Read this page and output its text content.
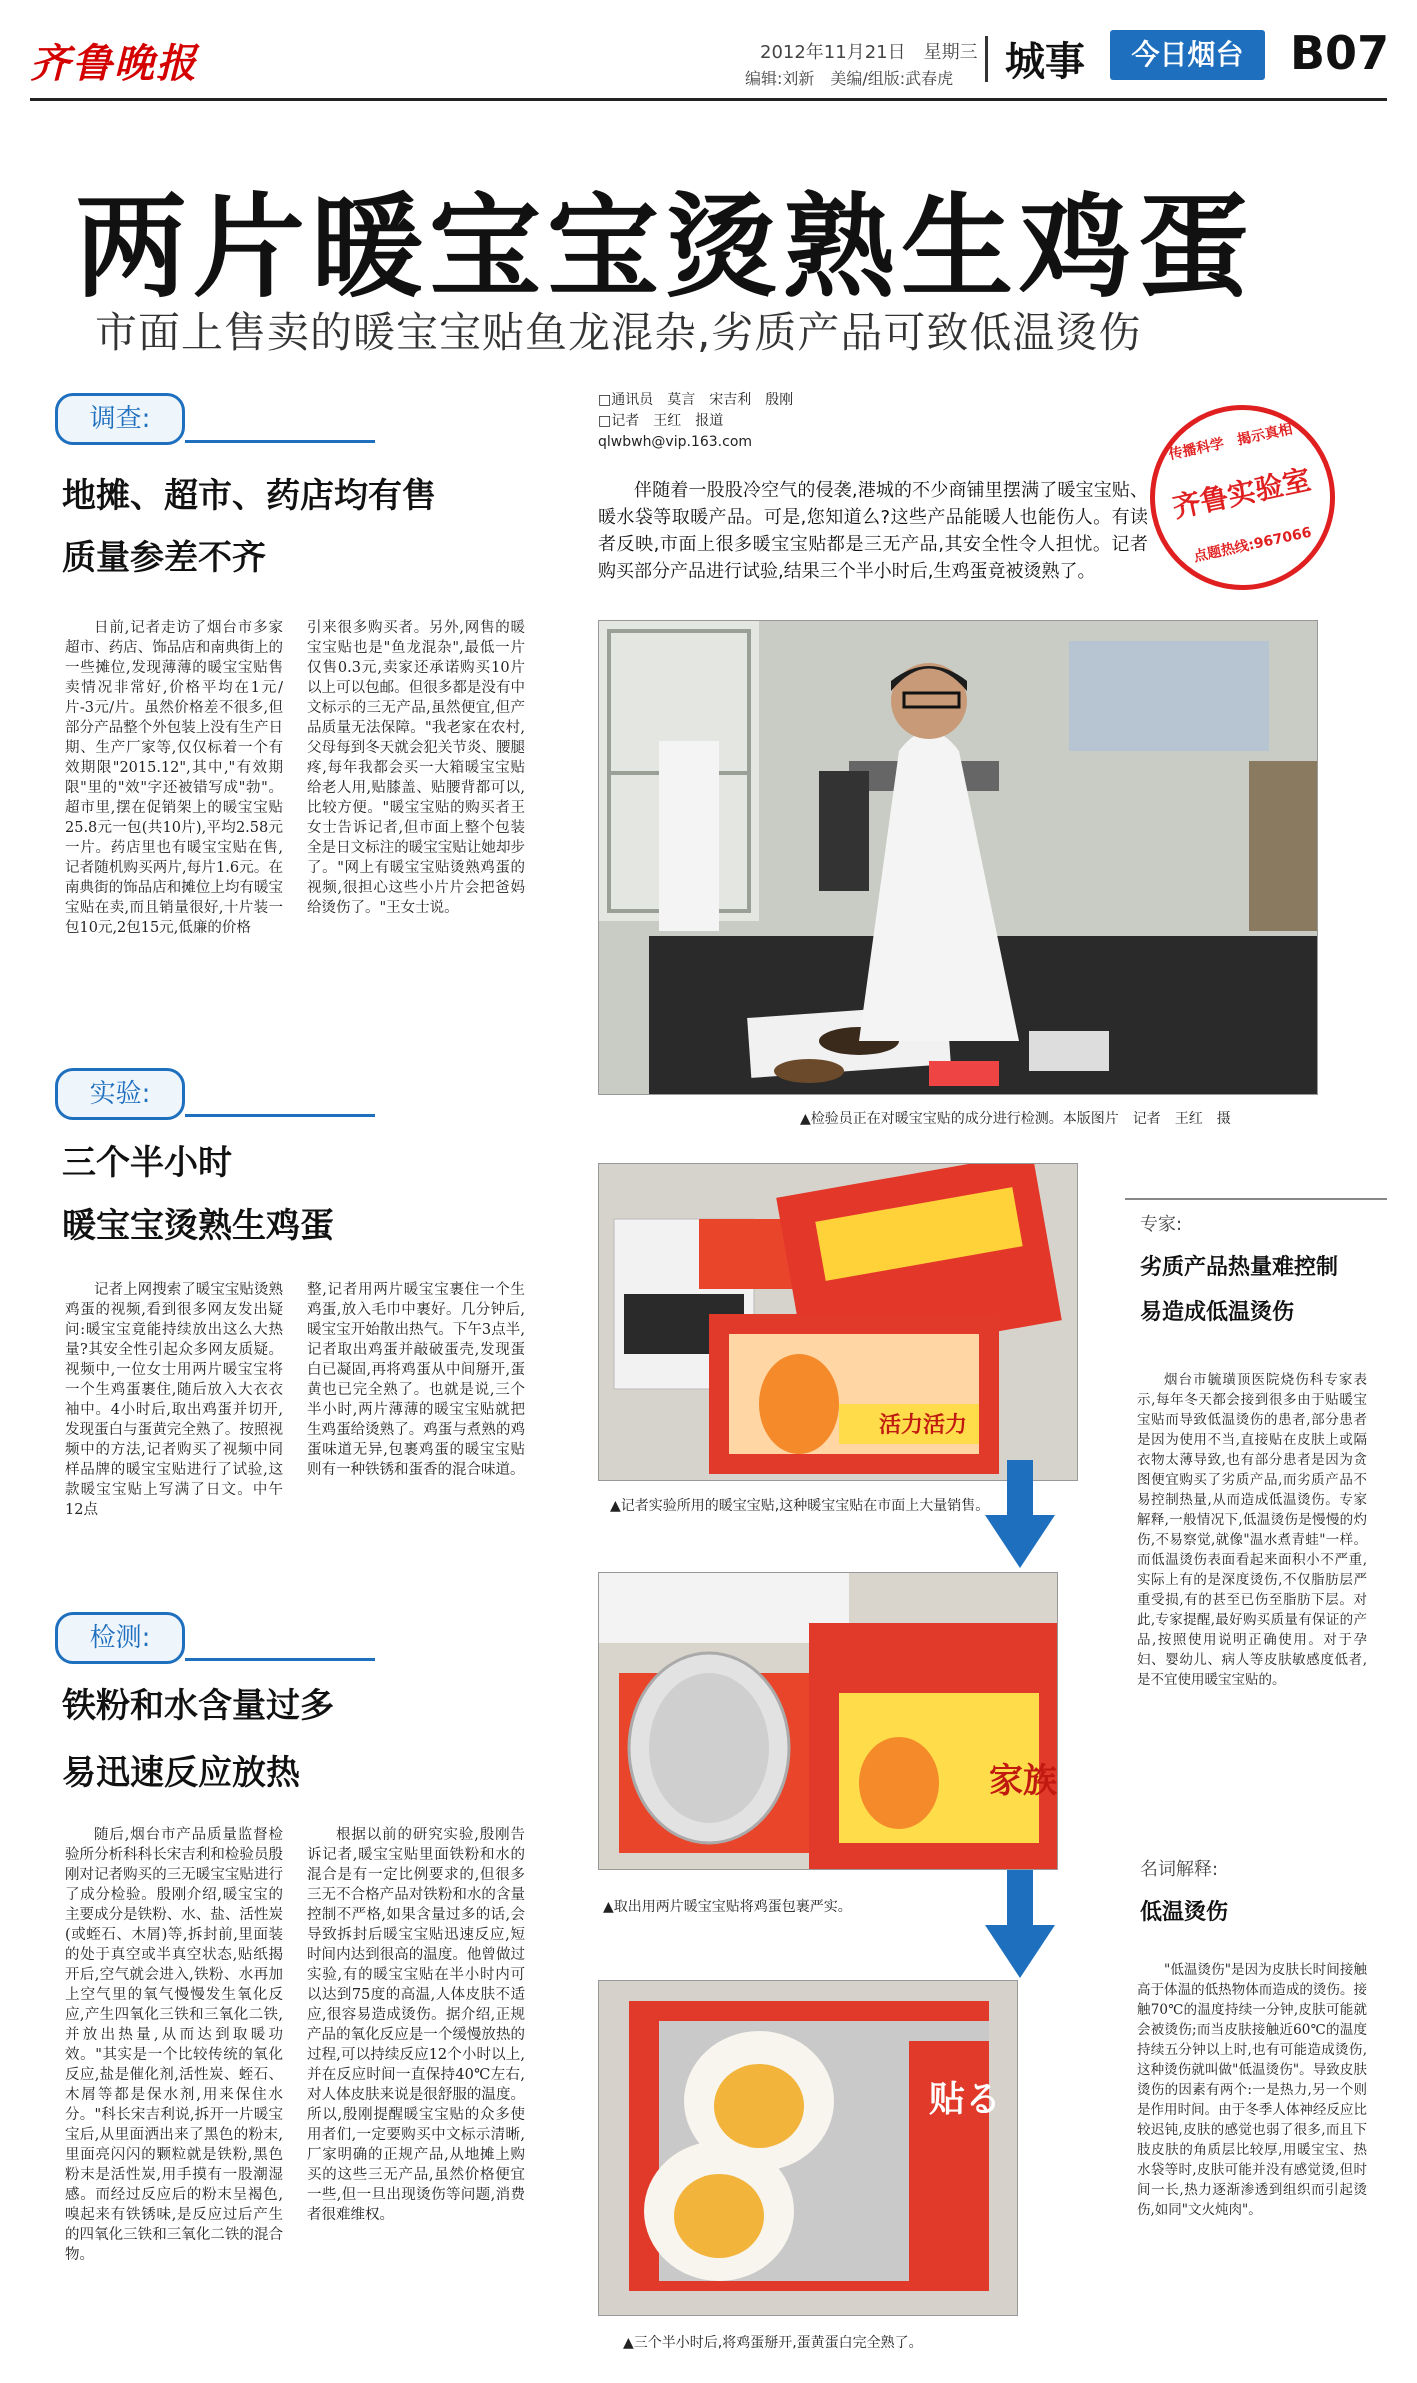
齐鲁晚报	2012年11月21日　星期三
编辑:刘新　美编/组版:武春虎 城事	今日烟台	B07
两片暖宝宝烫熟生鸡蛋
市面上售卖的暖宝宝贴鱼龙混杂,劣质产品可致低温烫伤
调查:
地摊、超市、药店均有售
质量参差不齐
日前,记者走访了烟台市多家超市、药店、饰品店和南典街上的一些摊位,发现薄薄的暖宝宝贴售卖情况非常好,价格平均在1元/片-3元/片。虽然价格差不很多,但部分产品整个外包装上没有生产日期、生产厂家等,仅仅标着一个有效期限"2015.12",其中,"有效期限"里的"效"字还被错写成"勃"。超市里,摆在促销架上的暖宝宝贴25.8元一包(共10片),平均2.58元一片。药店里也有暖宝宝贴在售,记者随机购买两片,每片1.6元。在南典街的饰品店和摊位上均有暖宝宝贴在卖,而且销量很好,十片装一包10元,2包15元,低廉的价格
引来很多购买者。另外,网售的暖宝宝贴也是"鱼龙混杂",最低一片仅售0.3元,卖家还承诺购买10片以上可以包邮。但很多都是没有中文标示的三无产品,虽然便宜,但产品质量无法保障。"我老家在农村,父母每到冬天就会犯关节炎、腰腿疼,每年我都会买一大箱暖宝宝贴给老人用,贴膝盖、贴腰背都可以,比较方便。"暖宝宝贴的购买者王女士告诉记者,但市面上整个包装全是日文标注的暖宝宝贴让她却步了。"网上有暖宝宝贴烫熟鸡蛋的视频,很担心这些小片片会把爸妈给烫伤了。"王女士说。
实验:
三个半小时
暖宝宝烫熟生鸡蛋
记者上网搜索了暖宝宝贴烫熟鸡蛋的视频,看到很多网友发出疑问:暖宝宝竟能持续放出这么大热量?其安全性引起众多网友质疑。视频中,一位女士用两片暖宝宝将一个生鸡蛋裹住,随后放入大衣衣袖中。4小时后,取出鸡蛋并切开,发现蛋白与蛋黄完全熟了。按照视频中的方法,记者购买了视频中同样品牌的暖宝宝贴进行了试验,这款暖宝宝贴上写满了日文。中午12点
整,记者用两片暖宝宝裹住一个生鸡蛋,放入毛巾中裹好。几分钟后,暖宝宝开始散出热气。下午3点半,记者取出鸡蛋并敲破蛋壳,发现蛋白已凝固,再将鸡蛋从中间掰开,蛋黄也已完全熟了。也就是说,三个半小时,两片薄薄的暖宝宝贴就把生鸡蛋给烫熟了。鸡蛋与煮熟的鸡蛋味道无异,包裹鸡蛋的暖宝宝贴则有一种铁锈和蛋香的混合味道。
检测:
铁粉和水含量过多
易迅速反应放热
随后,烟台市产品质量监督检验所分析科科长宋吉利和检验员殷刚对记者购买的三无暖宝宝贴进行了成分检验。殷刚介绍,暖宝宝的主要成分是铁粉、水、盐、活性炭(或蛭石、木屑)等,拆封前,里面装的处于真空或半真空状态,贴纸揭开后,空气就会进入,铁粉、水再加上空气里的氧气慢慢发生氧化反应,产生四氧化三铁和三氧化二铁,并放出热量,从而达到取暖功效。"其实是一个比较传统的氧化反应,盐是催化剂,活性炭、蛭石、木屑等都是保水剂,用来保住水分。"科长宋吉利说,拆开一片暖宝宝后,从里面洒出来了黑色的粉末,里面亮闪闪的颗粒就是铁粉,黑色粉末是活性炭,用手摸有一股潮湿感。而经过反应后的粉末呈褐色,嗅起来有铁锈味,是反应过后产生的四氧化三铁和三氧化二铁的混合物。
根据以前的研究实验,殷刚告诉记者,暖宝宝贴里面铁粉和水的混合是有一定比例要求的,但很多三无不合格产品对铁粉和水的含量控制不严格,如果含量过多的话,会导致拆封后暖宝宝贴迅速反应,短时间内达到很高的温度。他曾做过实验,有的暖宝宝贴在半小时内可以达到75度的高温,人体皮肤不适应,很容易造成烫伤。据介绍,正规产品的氧化反应是一个缓慢放热的过程,可以持续反应12个小时以上,并在反应时间一直保持40℃左右,对人体皮肤来说是很舒服的温度。所以,殷刚提醒暖宝宝贴的众多使用者们,一定要购买中文标示清晰,厂家明确的正规产品,从地摊上购买的这些三无产品,虽然价格便宜一些,但一旦出现烫伤等问题,消费者很难维权。
□通讯员　莫言　宋吉利　殷刚
□记者　王红　报道
qlwbwh@vip.163.com
伴随着一股股冷空气的侵袭,港城的不少商铺里摆满了暖宝宝贴、暖水袋等取暖产品。可是,您知道么?这些产品能暖人也能伤人。有读者反映,市面上很多暖宝宝贴都是三无产品,其安全性令人担忧。记者购买部分产品进行试验,结果三个半小时后,生鸡蛋竟被烫熟了。
传播科学　揭示真相
齐鲁实验室
点题热线:967066
▲检验员正在对暖宝宝贴的成分进行检测。本版图片　记者　王红　摄
活力活力
▲记者实验所用的暖宝宝贴,这种暖宝宝贴在市面上大量销售。
家族
▲取出用两片暖宝宝贴将鸡蛋包裹严实。
贴る
▲三个半小时后,将鸡蛋掰开,蛋黄蛋白完全熟了。
专家:
劣质产品热量难控制
易造成低温烫伤
烟台市毓璜顶医院烧伤科专家表示,每年冬天都会接到很多由于贴暖宝宝贴而导致低温烫伤的患者,部分患者是因为使用不当,直接贴在皮肤上或隔衣物太薄导致,也有部分患者是因为贪图便宜购买了劣质产品,而劣质产品不易控制热量,从而造成低温烫伤。专家解释,一般情况下,低温烫伤是慢慢的灼伤,不易察觉,就像"温水煮青蛙"一样。而低温烫伤表面看起来面积小不严重,实际上有的是深度烫伤,不仅脂肪层严重受损,有的甚至已伤至脂肪下层。对此,专家提醒,最好购买质量有保证的产品,按照使用说明正确使用。对于孕妇、婴幼儿、病人等皮肤敏感度低者,是不宜使用暖宝宝贴的。
名词解释:
低温烫伤
"低温烫伤"是因为皮肤长时间接触高于体温的低热物体而造成的烫伤。接触70℃的温度持续一分钟,皮肤可能就会被烫伤;而当皮肤接触近60℃的温度持续五分钟以上时,也有可能造成烫伤,这种烫伤就叫做"低温烫伤"。导致皮肤烫伤的因素有两个:一是热力,另一个则是作用时间。由于冬季人体神经反应比较迟钝,皮肤的感觉也弱了很多,而且下肢皮肤的角质层比较厚,用暖宝宝、热水袋等时,皮肤可能并没有感觉烫,但时间一长,热力逐渐渗透到组织而引起烫伤,如同"文火炖肉"。
